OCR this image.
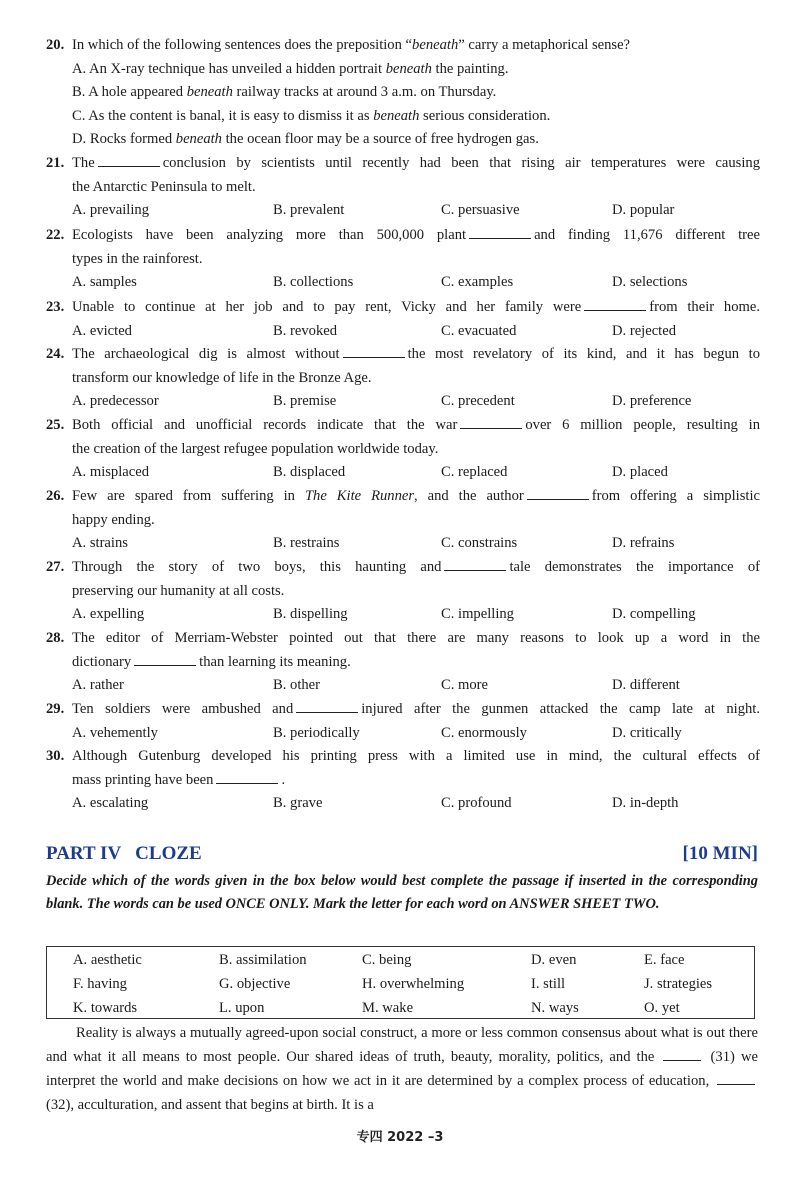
20. In which of the following sentences does the preposition “beneath” carry a metaphorical sense?
A. An X-ray technique has unveiled a hidden portrait beneath the painting.
B. A hole appeared beneath railway tracks at around 3 a.m. on Thursday.
C. As the content is banal, it is easy to dismiss it as beneath serious consideration.
D. Rocks formed beneath the ocean floor may be a source of free hydrogen gas.
21. The	conclusion by scientists until recently had been that rising air temperatures were causing
the Antarctic Peninsula to melt.
A. prevailing	B. prevalent	C. persuasive	D. popular
22. Ecologists have been analyzing more than 500,000 plant	and finding 11,676 different tree
types in the rainforest.
A. samples	B. collections	C. examples	D. selections
23. Unable to continue at her job and to pay rent, Vicky and her family were	from their home.
A. evicted	B. revoked	C. evacuated	D. rejected
24. The archaeological dig is almost without	the most revelatory of its kind, and it has begun to
transform our knowledge of life in the Bronze Age.
A. predecessor	B. premise	C. precedent	D. preference
25. Both official and unofficial records indicate that the war	over 6 million people, resulting in
the creation of the largest refugee population worldwide today.
A. misplaced	B. displaced	C. replaced	D. placed
26. Few are spared from suffering in The Kite Runner, and the author	from offering a simplistic
happy ending.
A. strains	B. restrains	C. constrains	D. refrains
27. Through the story of two boys, this haunting and	tale demonstrates the importance of
preserving our humanity at all costs.
A. expelling	B. dispelling	C. impelling	D. compelling
28. The editor of Merriam-Webster pointed out that there are many reasons to look up a word in the
dictionary	than learning its meaning.
A. rather	B. other	C. more	D. different
29. Ten soldiers were ambushed and	injured after the gunmen attacked the camp late at night.
A. vehemently	B. periodically	C. enormously	D. critically
30. Although Gutenburg developed his printing press with a limited use in mind, the cultural effects of
mass printing have been	.
A. escalating	B. grave	C. profound	D. in-depth
PART IV CLOZE	[10 MIN]
Decide which of the words given in the box below would best complete the passage if inserted in the corresponding blank. The words can be used ONCE ONLY. Mark the letter for each word on ANSWER SHEET TWO.
A. aesthetic	B. assimilation	C. being	D. even	E. face
F. having	G. objective	H. overwhelming	I. still	J. strategies
K. towards	L. upon	M. wake	N. ways	O. yet

Reality is always a mutually agreed-upon social construct, a more or less common consensus about what is out there and what it all means to most people. Our shared ideas of truth, beauty, morality, politics, and the	(31) we interpret the world and make decisions on how we act in it are determined by a complex process of education,  (32), acculturation, and assent that begins at birth. It is a

专四 2022 –3
